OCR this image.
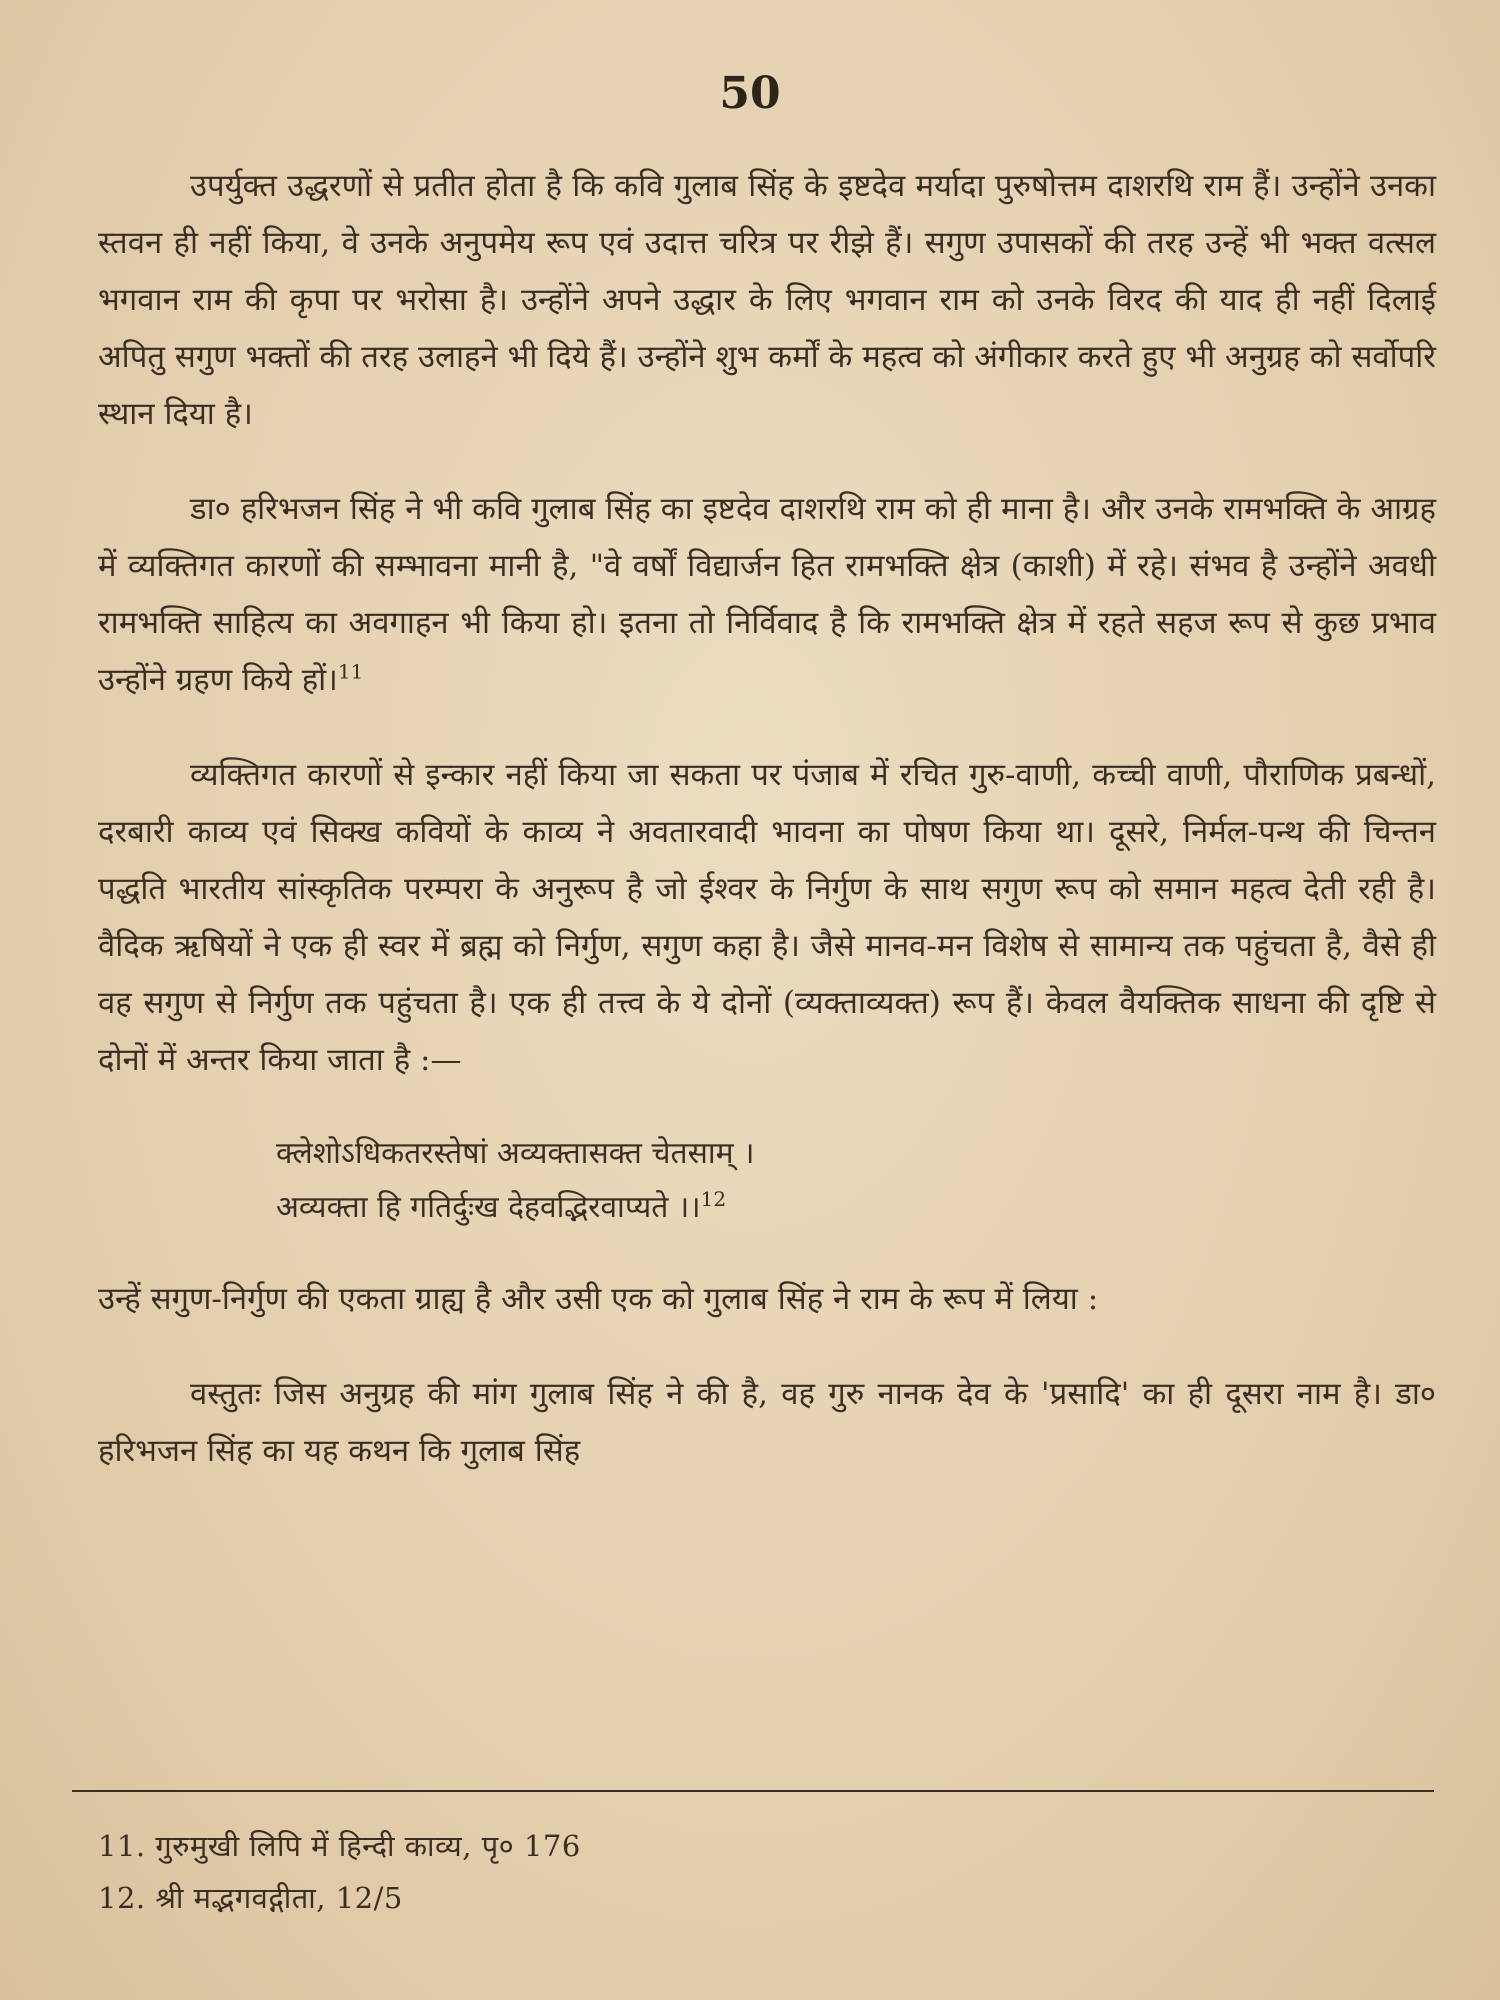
50

उपर्युक्त उद्धरणों से प्रतीत होता है कि कवि गुलाब सिंह के इष्टदेव मर्यादा पुरुषोत्तम दाशरथि राम हैं। उन्होंने उनका स्तवन ही नहीं किया, वे उनके अनुपमेय रूप एवं उदात्त चरित्र पर रीझे हैं। सगुण उपासकों की तरह उन्हें भी भक्त वत्सल भगवान राम की कृपा पर भरोसा है। उन्होंने अपने उद्धार के लिए भगवान राम को उनके विरद की याद ही नहीं दिलाई अपितु सगुण भक्तों की तरह उलाहने भी दिये हैं। उन्होंने शुभ कर्मों के महत्व को अंगीकार करते हुए भी अनुग्रह को सर्वोपरि स्थान दिया है।

डा० हरिभजन सिंह ने भी कवि गुलाब सिंह का इष्टदेव दाशरथि राम को ही माना है। और उनके रामभक्ति के आग्रह में व्यक्तिगत कारणों की सम्भावना मानी है, "वे वर्षों विद्यार्जन हित रामभक्ति क्षेत्र (काशी) में रहे। संभव है उन्होंने अवधी रामभक्ति साहित्य का अवगाहन भी किया हो। इतना तो निर्विवाद है कि रामभक्ति क्षेत्र में रहते सहज रूप से कुछ प्रभाव उन्होंने ग्रहण किये हों।$^{11}$

व्यक्तिगत कारणों से इन्कार नहीं किया जा सकता पर पंजाब में रचित गुरु-वाणी, कच्ची वाणी, पौराणिक प्रबन्धों, दरबारी काव्य एवं सिक्ख कवियों के काव्य ने अवतारवादी भावना का पोषण किया था। दूसरे, निर्मल-पन्थ की चिन्तन पद्धति भारतीय सांस्कृतिक परम्परा के अनुरूप है जो ईश्वर के निर्गुण के साथ सगुण रूप को समान महत्व देती रही है। वैदिक ऋषियों ने एक ही स्वर में ब्रह्म को निर्गुण, सगुण कहा है। जैसे मानव-मन विशेष से सामान्य तक पहुंचता है, वैसे ही वह सगुण से निर्गुण तक पहुंचता है। एक ही तत्त्व के ये दोनों (व्यक्ताव्यक्त) रूप हैं। केवल वैयक्तिक साधना की दृष्टि से दोनों में अन्तर किया जाता है :—

क्लेशोऽधिकतरस्तेषां अव्यक्तासक्त चेतसाम् ।
अव्यक्ता हि गतिर्दुःख देहवद्भिरवाप्यते ।।$^{12}$

उन्हें सगुण-निर्गुण की एकता ग्राह्य है और उसी एक को गुलाब सिंह ने राम के रूप में लिया :

वस्तुतः जिस अनुग्रह की मांग गुलाब सिंह ने की है, वह गुरु नानक देव के 'प्रसादि' का ही दूसरा नाम है। डा० हरिभजन सिंह का यह कथन कि गुलाब सिंह

11. गुरुमुखी लिपि में हिन्दी काव्य, पृ० 176

12. श्री मद्भगवद्गीता, 12/5
